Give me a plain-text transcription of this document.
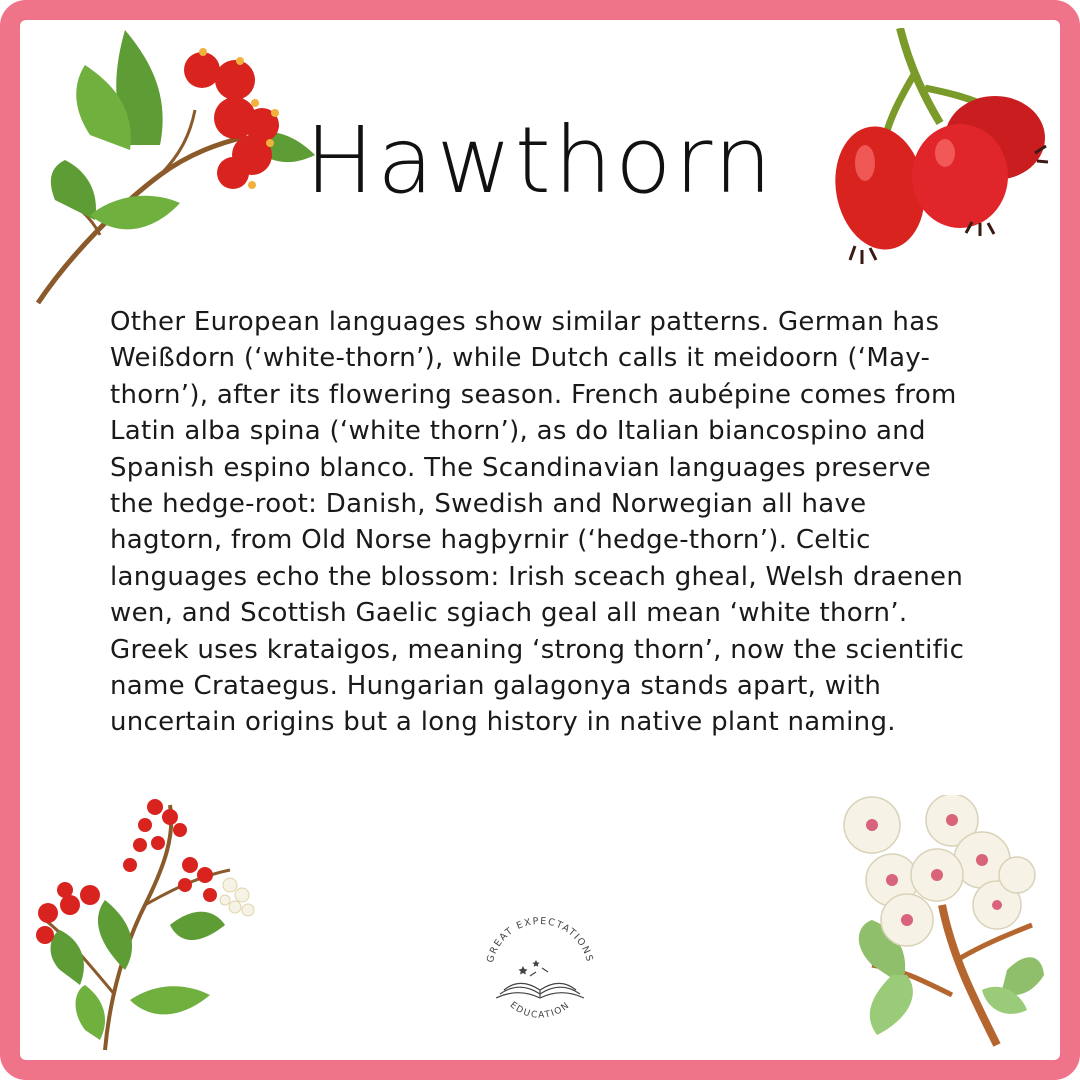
Hawthorn
Other European languages show similar patterns. German has
Weißdorn (‘white-thorn’), while Dutch calls it meidoorn (‘May-
thorn’), after its flowering season. French aubépine comes from
Latin alba spina (‘white thorn’), as do Italian biancospino and
Spanish espino blanco. The Scandinavian languages preserve
the hedge-root: Danish, Swedish and Norwegian all have
hagtorn, from Old Norse hagþyrnir (‘hedge-thorn’). Celtic
languages echo the blossom: Irish sceach gheal, Welsh draenen
wen, and Scottish Gaelic sgiach geal all mean ‘white thorn’.
Greek uses krataigos, meaning ‘strong thorn’, now the scientific
name Crataegus. Hungarian galagonya stands apart, with
uncertain origins but a long history in native plant naming.
GREAT EXPECTATIONS
EDUCATION
